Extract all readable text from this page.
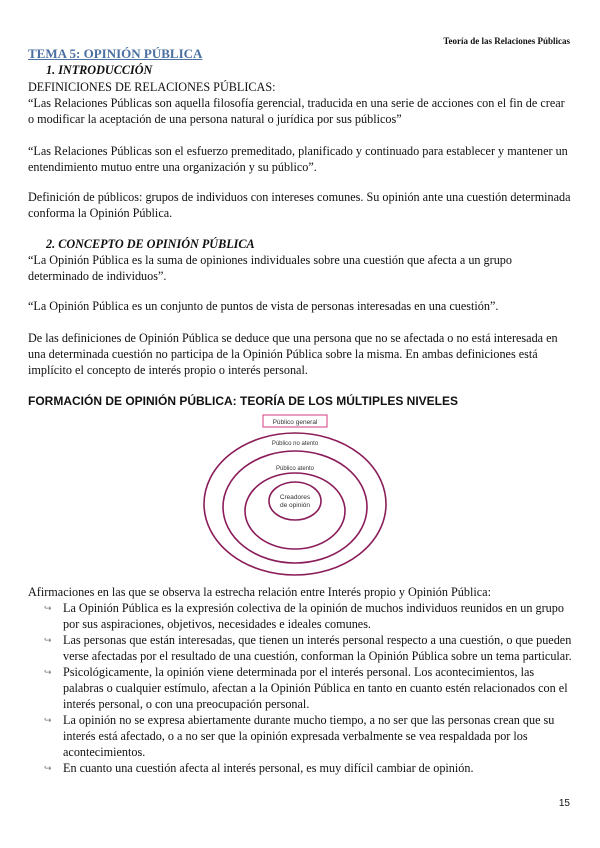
Teoría de las Relaciones Públicas
TEMA 5: OPINIÓN PÚBLICA
1. INTRODUCCIÓN
DEFINICIONES DE RELACIONES PÚBLICAS:
“Las Relaciones Públicas son aquella filosofía gerencial, traducida en una serie de acciones con el fin de crear o modificar la aceptación de una persona natural o jurídica por sus públicos”
“Las Relaciones Públicas son el esfuerzo premeditado, planificado y continuado para establecer y mantener un entendimiento mutuo entre una organización y su público”.
Definición de públicos: grupos de individuos con intereses comunes. Su opinión ante una cuestión determinada conforma la Opinión Pública.
2. CONCEPTO DE OPINIÓN PÚBLICA
“La Opinión Pública es la suma de opiniones individuales sobre una cuestión que afecta a un grupo determinado de individuos”.
“La Opinión Pública es un conjunto de puntos de vista de personas interesadas en una cuestión”.
De las definiciones de Opinión Pública se deduce que una persona que no se afectada o no está interesada en una determinada cuestión no participa de la Opinión Pública sobre la misma. En ambas definiciones está implícito el concepto de interés propio o interés personal.
FORMACIÓN DE OPINIÓN PÚBLICA: TEORÍA DE LOS MÚLTIPLES NIVELES
Público general
Público no atento
Público atento
Creadores
de opinión
Afirmaciones en las que se observa la estrecha relación entre Interés propio y Opinión Pública:
↪ La Opinión Pública es la expresión colectiva de la opinión de muchos individuos reunidos en un grupo por sus aspiraciones, objetivos, necesidades e ideales comunes.
↪ Las personas que están interesadas, que tienen un interés personal respecto a una cuestión, o que pueden verse afectadas por el resultado de una cuestión, conforman la Opinión Pública sobre un tema particular.
↪ Psicológicamente, la opinión viene determinada por el interés personal. Los acontecimientos, las palabras o cualquier estímulo, afectan a la Opinión Pública en tanto en cuanto estén relacionados con el interés personal, o con una preocupación personal.
↪ La opinión no se expresa abiertamente durante mucho tiempo, a no ser que las personas crean que su interés está afectado, o a no ser que la opinión expresada verbalmente se vea respaldada por los acontecimientos.
↪ En cuanto una cuestión afecta al interés personal, es muy difícil cambiar de opinión.
15
